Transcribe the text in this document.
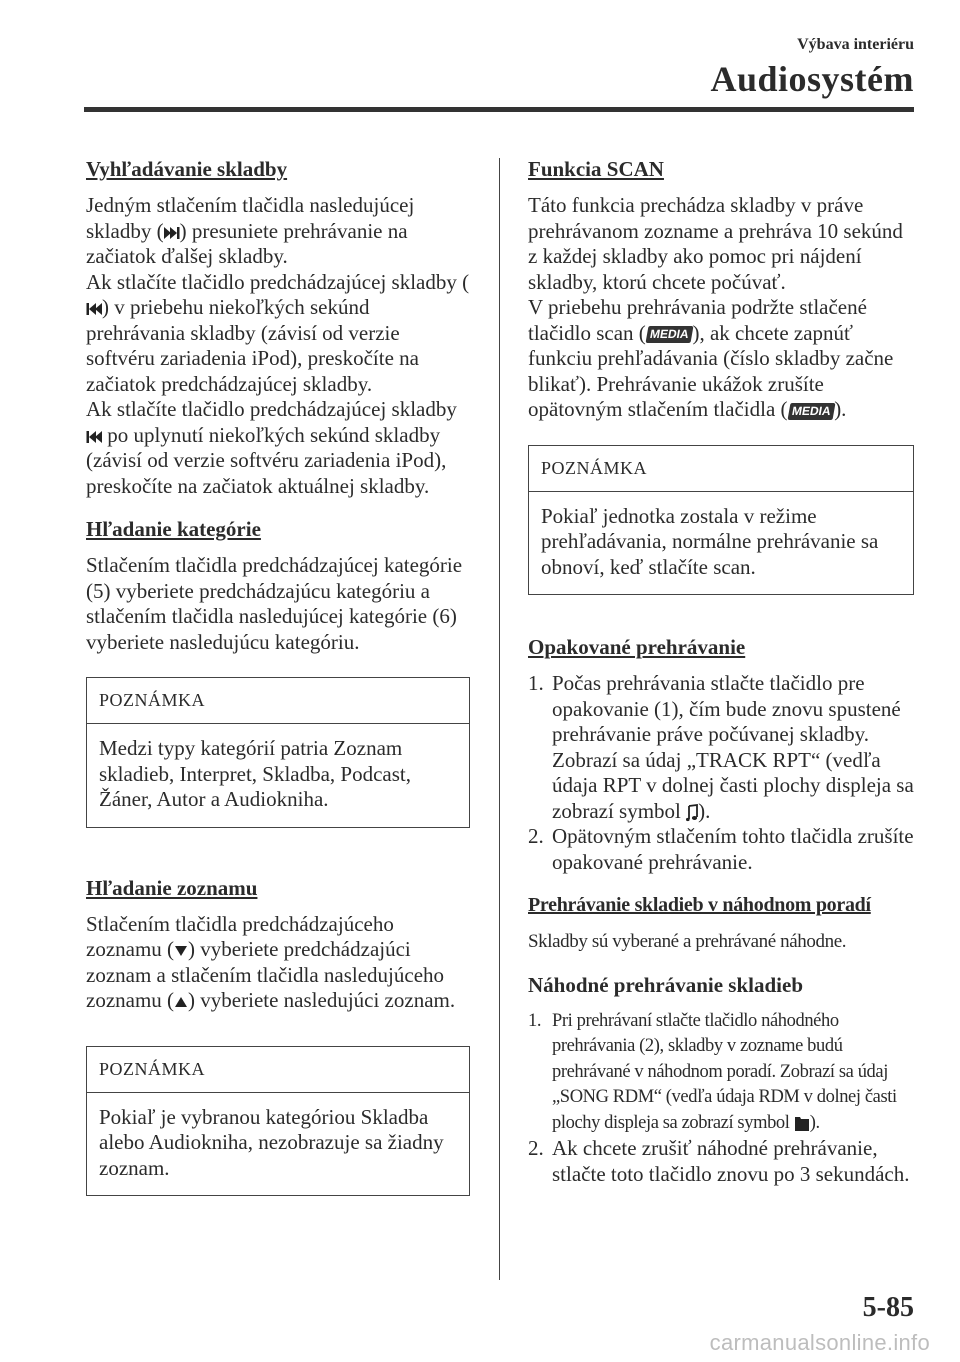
Výbava interiéru
Audiosystém
Vyhľadávanie skladby

Jedným stlačením tlačidla nasledujúcej skladby ( ) presuniete prehrávanie na začiatok ďalšej skladby.
Ak stlačíte tlačidlo predchádzajúcej skladby () v priebehu niekoľkých sekúnd prehrávania skladby (závisí od verzie softvéru zariadenia iPod), preskočíte na začiatok predchádzajúcej skladby.
Ak stlačíte tlačidlo predchádzajúcej skladby  po uplynutí niekoľkých sekúnd skladby (závisí od verzie softvéru zariadenia iPod), preskočíte na začiatok aktuálnej skladby.

Hľadanie kategórie

Stlačením tlačidla predchádzajúcej kategórie (5) vyberiete predchádzajúcu kategóriu a stlačením tlačidla nasledujúcej kategórie (6) vyberiete nasledujúcu kategóriu.

POZNÁMKA
Medzi typy kategórií patria Zoznam skladieb, Interpret, Skladba, Podcast, Žáner, Autor a Audiokniha.
Hľadanie zoznamu

Stlačením tlačidla predchádzajúceho zoznamu ( ) vyberiete predchádzajúci zoznam a stlačením tlačidla nasledujúceho zoznamu ( ) vyberiete nasledujúci zoznam.

POZNÁMKA
Pokiaľ je vybranou kategóriou Skladba alebo Audiokniha, nezobrazuje sa žiadny zoznam.
Funkcia SCAN

Táto funkcia prechádza skladby v práve prehrávanom zozname a prehráva 10 sekúnd z každej skladby ako pomoc pri nájdení skladby, ktorú chcete počúvať.
V priebehu prehrávania podržte stlačené tlačidlo scan ( MEDIA ), ak chcete zapnúť funkciu prehľadávania (číslo skladby začne blikať). Prehrávanie ukážok zrušíte opätovným stlačením tlačidla ( MEDIA ).

POZNÁMKA
Pokiaľ jednotka zostala v režime prehľadávania, normálne prehrávanie sa obnoví, keď stlačíte scan.
Opakované prehrávanie
1. Počas prehrávania stlačte tlačidlo pre opakovanie (1), čím bude znovu spustené prehrávanie práve počúvanej skladby. Zobrazí sa údaj „TRACK RPT“ (vedľa údaja RPT v dolnej časti plochy displeja sa zobrazí symbol ).
2. Opätovným stlačením tohto tlačidla zrušíte opakované prehrávanie.
Prehrávanie skladieb v náhodnom poradí

Skladby sú vyberané a prehrávané náhodne.

Náhodné prehrávanie skladieb
1. Pri prehrávaní stlačte tlačidlo náhodného prehrávania (2), skladby v zozname budú prehrávané v náhodnom poradí. Zobrazí sa údaj „SONG RDM“ (vedľa údaja RDM v dolnej časti plochy displeja sa zobrazí symbol ).
2. Ak chcete zrušiť náhodné prehrávanie, stlačte toto tlačidlo znovu po 3 sekundách.
5-85
carmanualsonline.info
